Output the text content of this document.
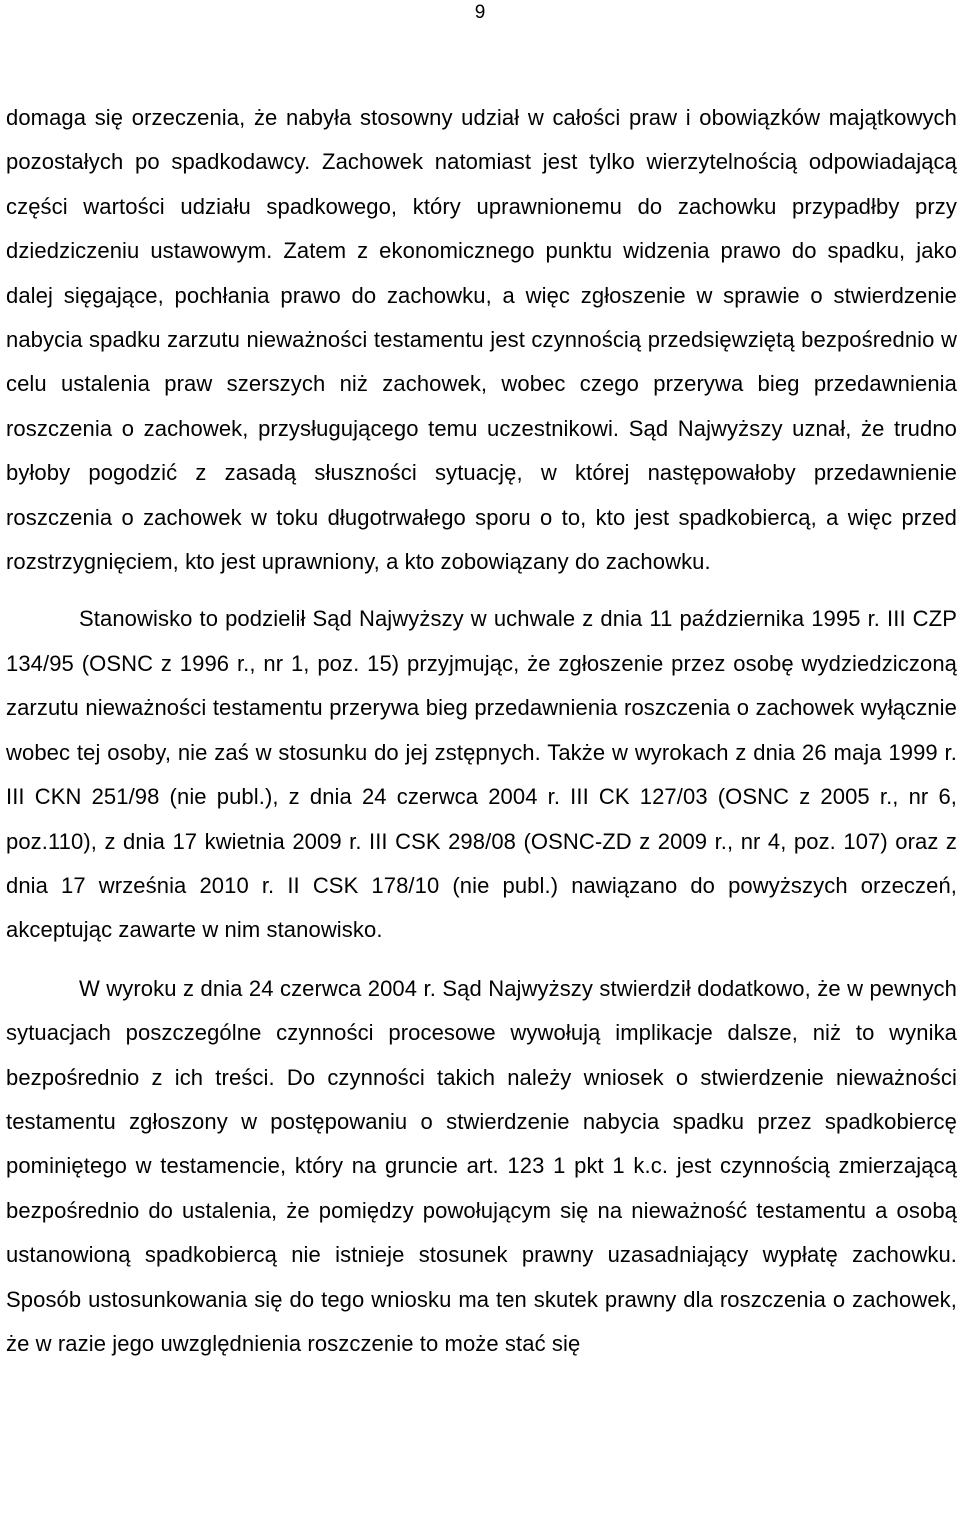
9

domaga się orzeczenia, że nabyła stosowny udział w całości praw i obowiązków majątkowych pozostałych po spadkodawcy. Zachowek natomiast jest tylko wierzytelnością odpowiadającą części wartości udziału spadkowego, który uprawnionemu do zachowku przypadłby przy dziedziczeniu ustawowym. Zatem z ekonomicznego punktu widzenia prawo do spadku, jako dalej sięgające, pochłania prawo do zachowku, a więc zgłoszenie w sprawie o stwierdzenie nabycia spadku zarzutu nieważności testamentu jest czynnością przedsięwziętą bezpośrednio w celu ustalenia praw szerszych niż zachowek, wobec czego przerywa bieg przedawnienia roszczenia o zachowek, przysługującego temu uczestnikowi. Sąd Najwyższy uznał, że trudno byłoby pogodzić z zasadą słuszności sytuację, w której następowałoby przedawnienie roszczenia o zachowek w toku długotrwałego sporu o to, kto jest spadkobiercą, a więc przed rozstrzygnięciem, kto jest uprawniony, a kto zobowiązany do zachowku.

Stanowisko to podzielił Sąd Najwyższy w uchwale z dnia 11 października 1995 r. III CZP 134/95 (OSNC z 1996 r., nr 1, poz. 15) przyjmując, że zgłoszenie przez osobę wydziedziczoną zarzutu nieważności testamentu przerywa bieg przedawnienia roszczenia o zachowek wyłącznie wobec tej osoby, nie zaś w stosunku do jej zstępnych. Także w wyrokach z dnia 26 maja 1999 r. III CKN 251/98 (nie publ.), z dnia 24 czerwca 2004 r. III CK 127/03 (OSNC z 2005 r., nr 6, poz.110), z dnia 17 kwietnia 2009 r. III CSK 298/08 (OSNC-ZD z 2009 r., nr 4, poz. 107) oraz z dnia 17 września 2010 r. II CSK 178/10 (nie publ.) nawiązano do powyższych orzeczeń, akceptując zawarte w nim stanowisko.

W wyroku z dnia 24 czerwca 2004 r. Sąd Najwyższy stwierdził dodatkowo, że w pewnych sytuacjach poszczególne czynności procesowe wywołują implikacje dalsze, niż to wynika bezpośrednio z ich treści. Do czynności takich należy wniosek o stwierdzenie nieważności testamentu zgłoszony w postępowaniu o stwierdzenie nabycia spadku przez spadkobiercę pominiętego w testamencie, który na gruncie art. 123 1 pkt 1 k.c. jest czynnością zmierzającą bezpośrednio do ustalenia, że pomiędzy powołującym się na nieważność testamentu a osobą ustanowioną spadkobiercą nie istnieje stosunek prawny uzasadniający wypłatę zachowku. Sposób ustosunkowania się do tego wniosku ma ten skutek prawny dla roszczenia o zachowek, że w razie jego uwzględnienia roszczenie to może stać się
